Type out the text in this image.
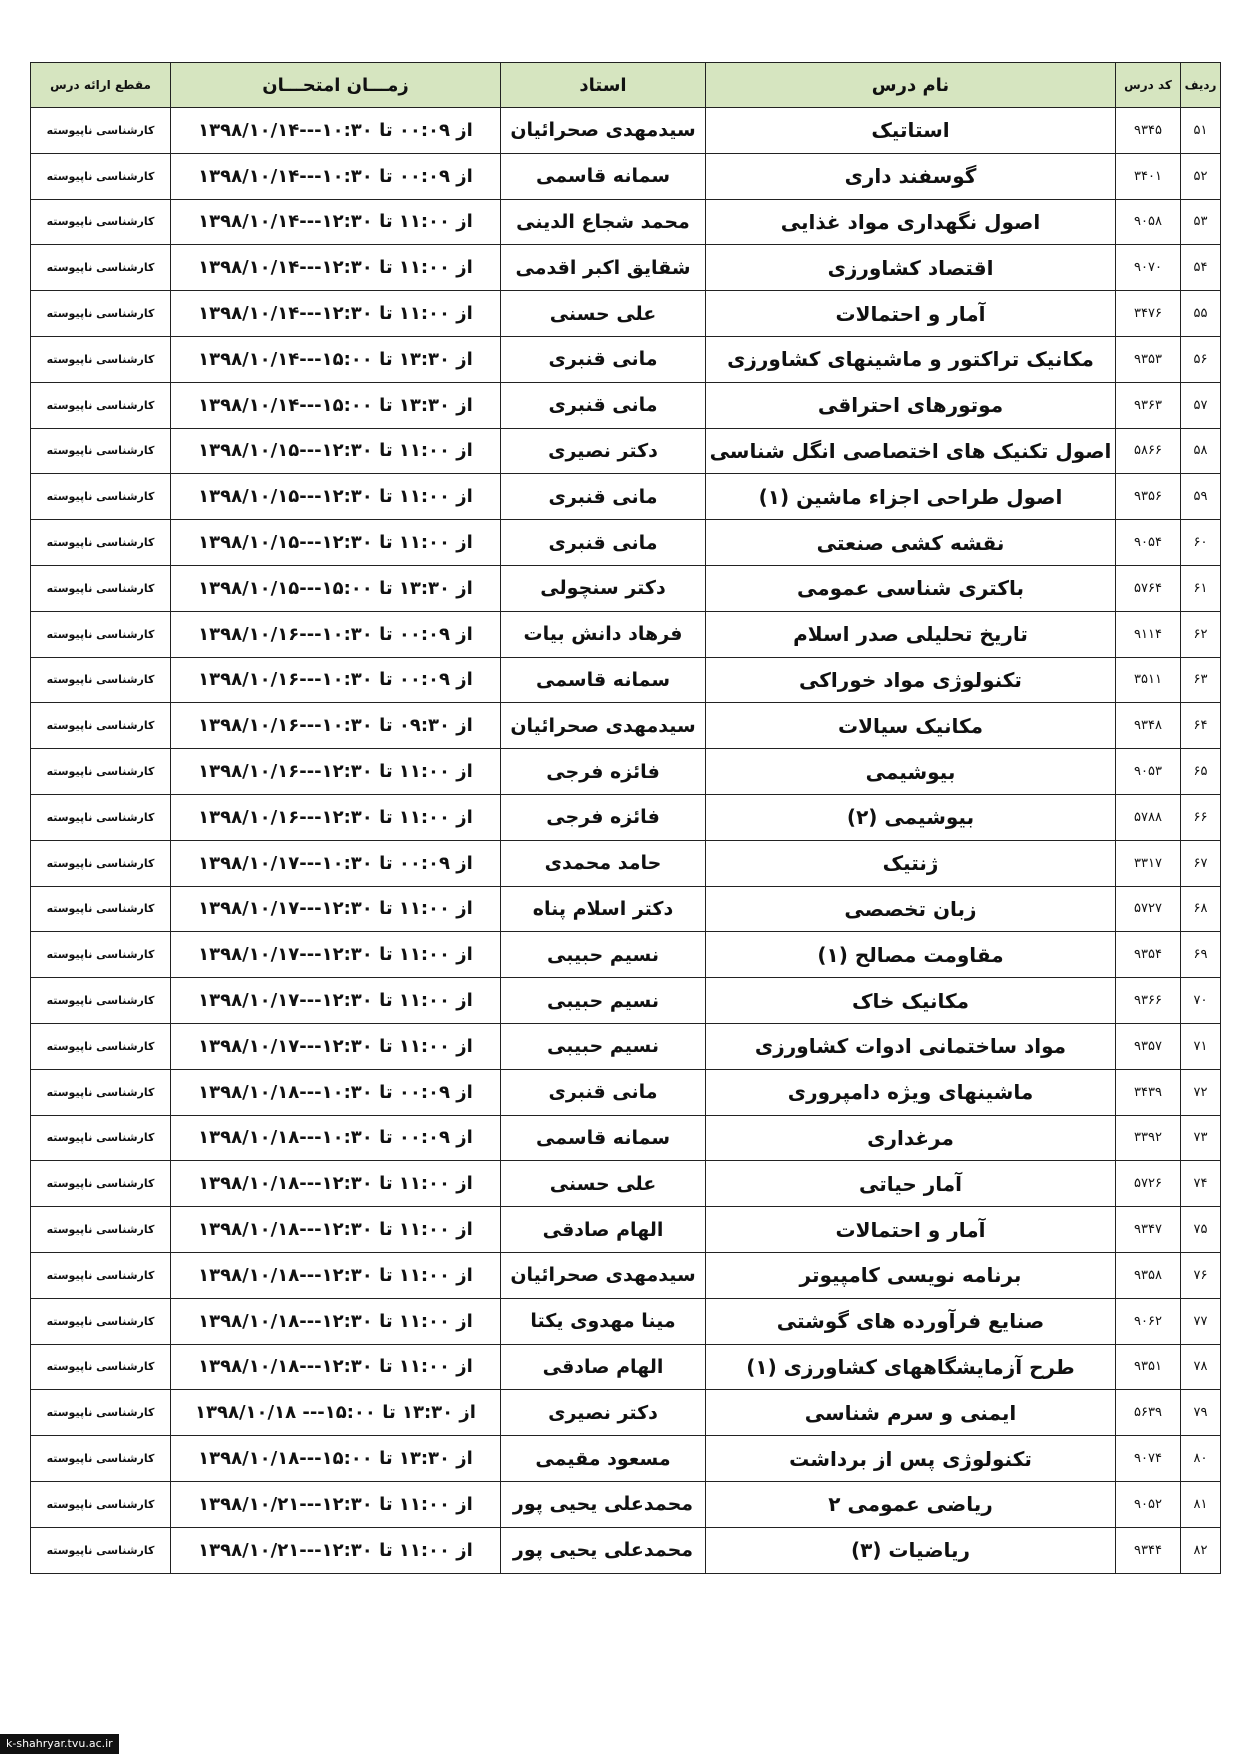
ردیف	کد درس	نام درس	استاد	زمـــان امتحـــان	مقطع ارائه درس
۵۱	۹۳۴۵	استاتیک	سیدمهدی صحرائیان	از ۰۰:۰۹ تا ۱۰:۳۰---۱۳۹۸/۱۰/۱۴	کارشناسی ناپیوسته
۵۲	۳۴۰۱	گوسفند داری	سمانه قاسمی	از ۰۰:۰۹ تا ۱۰:۳۰---۱۳۹۸/۱۰/۱۴	کارشناسی ناپیوسته
۵۳	۹۰۵۸	اصول نگهداری مواد غذایی	محمد شجاع الدینی	از ۱۱:۰۰ تا ۱۲:۳۰---۱۳۹۸/۱۰/۱۴	کارشناسی ناپیوسته
۵۴	۹۰۷۰	اقتصاد کشاورزی	شقایق اکبر اقدمی	از ۱۱:۰۰ تا ۱۲:۳۰---۱۳۹۸/۱۰/۱۴	کارشناسی ناپیوسته
۵۵	۳۴۷۶	آمار و احتمالات	علی حسنی	از ۱۱:۰۰ تا ۱۲:۳۰---۱۳۹۸/۱۰/۱۴	کارشناسی ناپیوسته
۵۶	۹۳۵۳	مکانیک تراکتور و ماشینهای کشاورزی	مانی قنبری	از ۱۳:۳۰ تا ۱۵:۰۰---۱۳۹۸/۱۰/۱۴	کارشناسی ناپیوسته
۵۷	۹۳۶۳	موتورهای احتراقی	مانی قنبری	از ۱۳:۳۰ تا ۱۵:۰۰---۱۳۹۸/۱۰/۱۴	کارشناسی ناپیوسته
۵۸	۵۸۶۶	اصول تکنیک های اختصاصی انگل شناسی	دکتر نصیری	از ۱۱:۰۰ تا ۱۲:۳۰---۱۳۹۸/۱۰/۱۵	کارشناسی ناپیوسته
۵۹	۹۳۵۶	اصول طراحی اجزاء ماشین (۱)	مانی قنبری	از ۱۱:۰۰ تا ۱۲:۳۰---۱۳۹۸/۱۰/۱۵	کارشناسی ناپیوسته
۶۰	۹۰۵۴	نقشه کشی صنعتی	مانی قنبری	از ۱۱:۰۰ تا ۱۲:۳۰---۱۳۹۸/۱۰/۱۵	کارشناسی ناپیوسته
۶۱	۵۷۶۴	باکتری شناسی عمومی	دکتر سنچولی	از ۱۳:۳۰ تا ۱۵:۰۰---۱۳۹۸/۱۰/۱۵	کارشناسی ناپیوسته
۶۲	۹۱۱۴	تاریخ تحلیلی صدر اسلام	فرهاد دانش بیات	از ۰۰:۰۹ تا ۱۰:۳۰---۱۳۹۸/۱۰/۱۶	کارشناسی ناپیوسته
۶۳	۳۵۱۱	تکنولوژی مواد خوراکی	سمانه قاسمی	از ۰۰:۰۹ تا ۱۰:۳۰---۱۳۹۸/۱۰/۱۶	کارشناسی ناپیوسته
۶۴	۹۳۴۸	مکانیک سیالات	سیدمهدی صحرائیان	از ۰۹:۳۰ تا ۱۰:۳۰---۱۳۹۸/۱۰/۱۶	کارشناسی ناپیوسته
۶۵	۹۰۵۳	بیوشیمی	فائزه فرجی	از ۱۱:۰۰ تا ۱۲:۳۰---۱۳۹۸/۱۰/۱۶	کارشناسی ناپیوسته
۶۶	۵۷۸۸	بیوشیمی (۲)	فائزه فرجی	از ۱۱:۰۰ تا ۱۲:۳۰---۱۳۹۸/۱۰/۱۶	کارشناسی ناپیوسته
۶۷	۳۳۱۷	ژنتیک	حامد محمدی	از ۰۰:۰۹ تا ۱۰:۳۰---۱۳۹۸/۱۰/۱۷	کارشناسی ناپیوسته
۶۸	۵۷۲۷	زبان تخصصی	دکتر اسلام پناه	از ۱۱:۰۰ تا ۱۲:۳۰---۱۳۹۸/۱۰/۱۷	کارشناسی ناپیوسته
۶۹	۹۳۵۴	مقاومت مصالح (۱)	نسیم حبیبی	از ۱۱:۰۰ تا ۱۲:۳۰---۱۳۹۸/۱۰/۱۷	کارشناسی ناپیوسته
۷۰	۹۳۶۶	مکانیک خاک	نسیم حبیبی	از ۱۱:۰۰ تا ۱۲:۳۰---۱۳۹۸/۱۰/۱۷	کارشناسی ناپیوسته
۷۱	۹۳۵۷	مواد ساختمانی ادوات کشاورزی	نسیم حبیبی	از ۱۱:۰۰ تا ۱۲:۳۰---۱۳۹۸/۱۰/۱۷	کارشناسی ناپیوسته
۷۲	۳۴۳۹	ماشینهای ویژه دامپروری	مانی قنبری	از ۰۰:۰۹ تا ۱۰:۳۰---۱۳۹۸/۱۰/۱۸	کارشناسی ناپیوسته
۷۳	۳۳۹۲	مرغداری	سمانه قاسمی	از ۰۰:۰۹ تا ۱۰:۳۰---۱۳۹۸/۱۰/۱۸	کارشناسی ناپیوسته
۷۴	۵۷۲۶	آمار حیاتی	علی حسنی	از ۱۱:۰۰ تا ۱۲:۳۰---۱۳۹۸/۱۰/۱۸	کارشناسی ناپیوسته
۷۵	۹۳۴۷	آمار و احتمالات	الهام صادقی	از ۱۱:۰۰ تا ۱۲:۳۰---۱۳۹۸/۱۰/۱۸	کارشناسی ناپیوسته
۷۶	۹۳۵۸	برنامه نویسی کامپیوتر	سیدمهدی صحرائیان	از ۱۱:۰۰ تا ۱۲:۳۰---۱۳۹۸/۱۰/۱۸	کارشناسی ناپیوسته
۷۷	۹۰۶۲	صنایع فرآورده های گوشتی	مینا مهدوی یکتا	از ۱۱:۰۰ تا ۱۲:۳۰---۱۳۹۸/۱۰/۱۸	کارشناسی ناپیوسته
۷۸	۹۳۵۱	طرح آزمایشگاههای کشاورزی (۱)	الهام صادقی	از ۱۱:۰۰ تا ۱۲:۳۰---۱۳۹۸/۱۰/۱۸	کارشناسی ناپیوسته
۷۹	۵۶۳۹	ایمنی و سرم شناسی	دکتر نصیری	از ۱۳:۳۰ تا ۱۵:۰۰--- ۱۳۹۸/۱۰/۱۸	کارشناسی ناپیوسته
۸۰	۹۰۷۴	تکنولوژی پس از برداشت	مسعود مقیمی	از ۱۳:۳۰ تا ۱۵:۰۰---۱۳۹۸/۱۰/۱۸	کارشناسی ناپیوسته
۸۱	۹۰۵۲	ریاضی عمومی ۲	محمدعلی یحیی پور	از ۱۱:۰۰ تا ۱۲:۳۰---۱۳۹۸/۱۰/۲۱	کارشناسی ناپیوسته
۸۲	۹۳۴۴	ریاضیات (۳)	محمدعلی یحیی پور	از ۱۱:۰۰ تا ۱۲:۳۰---۱۳۹۸/۱۰/۲۱	کارشناسی ناپیوسته
k-shahryar.tvu.ac.ir
